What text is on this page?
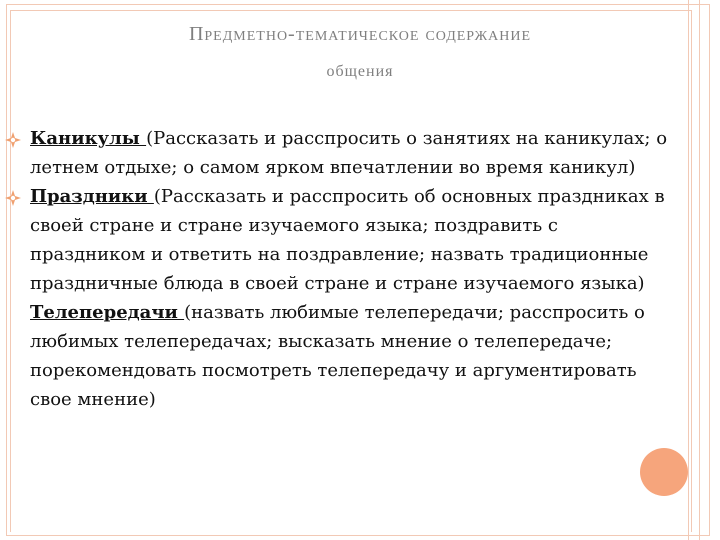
Предметно-тематическое содержание
общения
Каникулы (Рассказать и расспросить о занятиях на каникулах; о летнем отдыхе; о самом ярком впечатлении во время каникул)
Праздники (Рассказать и расспросить об основных праздниках в своей стране и стране изучаемого языка; поздравить с праздником и ответить на поздравление; назвать традиционные праздничные блюда в своей стране и стране изучаемого языка)
Телепередачи (назвать любимые телепередачи; расспросить о любимых телепередачах; высказать мнение о телепередаче; порекомендовать посмотреть телепередачу и аргументировать свое мнение)
